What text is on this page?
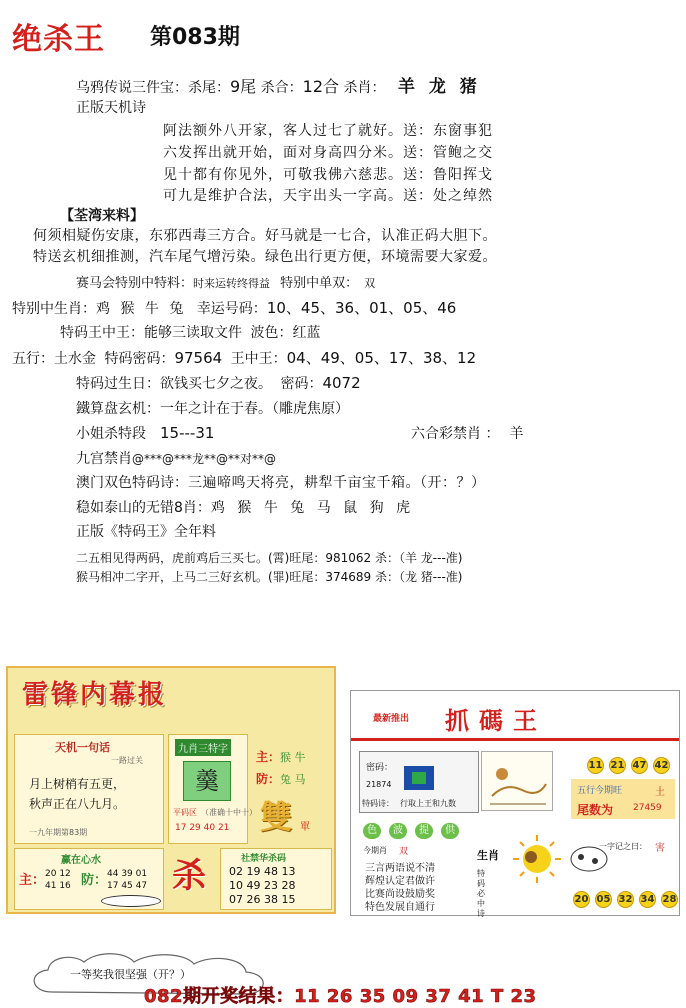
绝杀王 第083期
乌鸦传说三件宝：杀尾：9尾 杀合：12合 杀肖： 羊 龙 猪
正版天机诗
阿法额外八开家，客人过七了就好。送：东窗事犯
六发挥出就开始，面对身高四分米。送：管鲍之交
见十都有你见外，可敬我佛六慈悲。送：鲁阳挥戈
可九是维护合法，天宇出头一字高。送：处之绰然
【荃湾来料】
何须相疑伤安康，东邪西毒三方合。好马就是一七合，认准正码大胆下。
特送玄机细推测，汽车尾气增污染。绿色出行更方便，环境需要大家爱。
赛马会特别中特料：时来运转终得益 特别中单双： 双
特别中生肖：鸡 猴 牛 兔 幸运号码：10、45、36、01、05、46
特码王中王：能够三读取文件 波色：红蓝
五行：土水金 特码密码：97564 王中王：04、49、05、17、38、12
特码过生日：欲钱买七夕之夜。 密码：4072
鐵算盘玄机：一年之计在于春。（雕虎焦原）
小姐杀特段 15---31	六合彩禁肖 ： 羊
九宫禁肖@***@***龙**@**对**@
澳门双色特码诗：三遍啼鸣天将亮，耕犁千亩宝千箱。（开：？）
稳如泰山的无错8肖：鸡 猴 牛 兔 马 鼠 狗 虎
正版《特码王》全年料
二五相见得两码，虎前鸡后三买七。(霄)旺尾：981062 杀：（羊 龙---准)
猴马相冲二字开，上马二三好玄机。(罪)旺尾：374689 杀：（龙 猪---准)
雷锋内幕报
天机一句话
一路过关
月上树梢有五更，
秋声正在八九月。
一九年期第83期
赢在心水
主： 20 12 防：
41 16
44 39 01
17 45 47
九肖三特字
羹
平码区 （准确十中十）
17 29 40 21
主：猴 牛
防：兔 马
雙 單
杀	社禁华杀码
02 19 48 13
10 49 23 28
07 26 38 15
最新推出 抓碼王
密码：
21874
特码诗： 行取上王和九数
11 21 47 42
五行今期旺	土
尾数为 27459
色	波	提	供
今期肖 双
三言两语说不清
辉煌认定君做许
比赛尚设鼓励奖
特色发展自通行
生肖
特码必中诗
一字记之曰： 害
20 05 32 34 28
一等奖我很坚强（开？）
082期开奖结果：11 26 35 09 37 41 T 23
